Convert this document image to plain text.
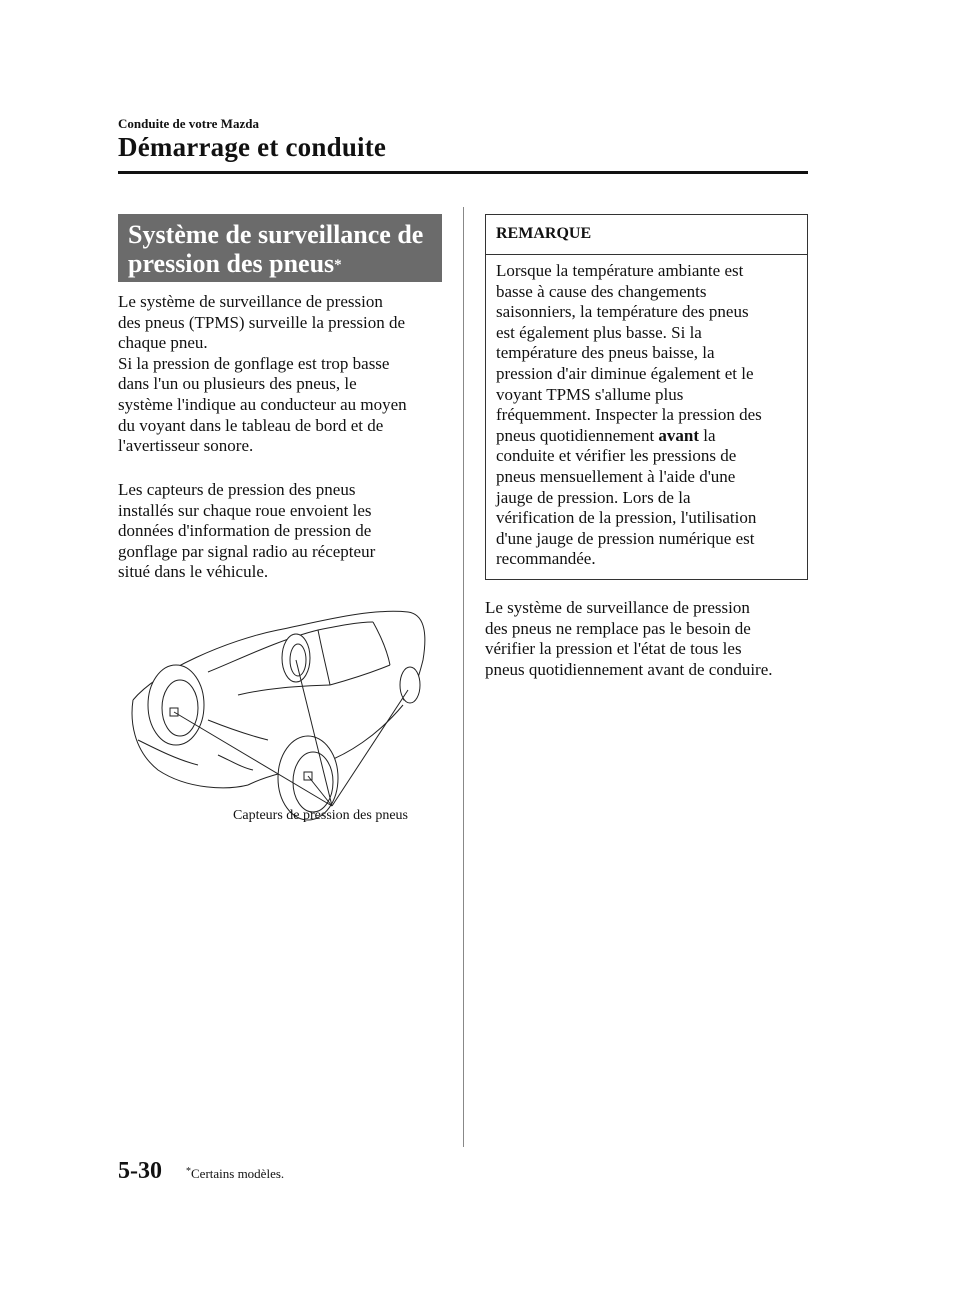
Conduite de votre Mazda
Démarrage et conduite
Système de surveillance de
pression des pneus*
Le système de surveillance de pression
des pneus (TPMS) surveille la pression de
chaque pneu.
Si la pression de gonflage est trop basse
dans l'un ou plusieurs des pneus, le
système l'indique au conducteur au moyen
du voyant dans le tableau de bord et de
l'avertisseur sonore.
Les capteurs de pression des pneus
installés sur chaque roue envoient les
données d'information de pression de
gonflage par signal radio au récepteur
situé dans le véhicule.
Capteurs de pression des pneus
REMARQUE
Lorsque la température ambiante est
basse à cause des changements
saisonniers, la température des pneus
est également plus basse. Si la
température des pneus baisse, la
pression d'air diminue également et le
voyant TPMS s'allume plus
fréquemment. Inspecter la pression des
pneus quotidiennement avant la
conduite et vérifier les pressions de
pneus mensuellement à l'aide d'une
jauge de pression. Lors de la
vérification de la pression, l'utilisation
d'une jauge de pression numérique est
recommandée.
Le système de surveillance de pression
des pneus ne remplace pas le besoin de
vérifier la pression et l'état de tous les
pneus quotidiennement avant de conduire.
5-30 *Certains modèles.
